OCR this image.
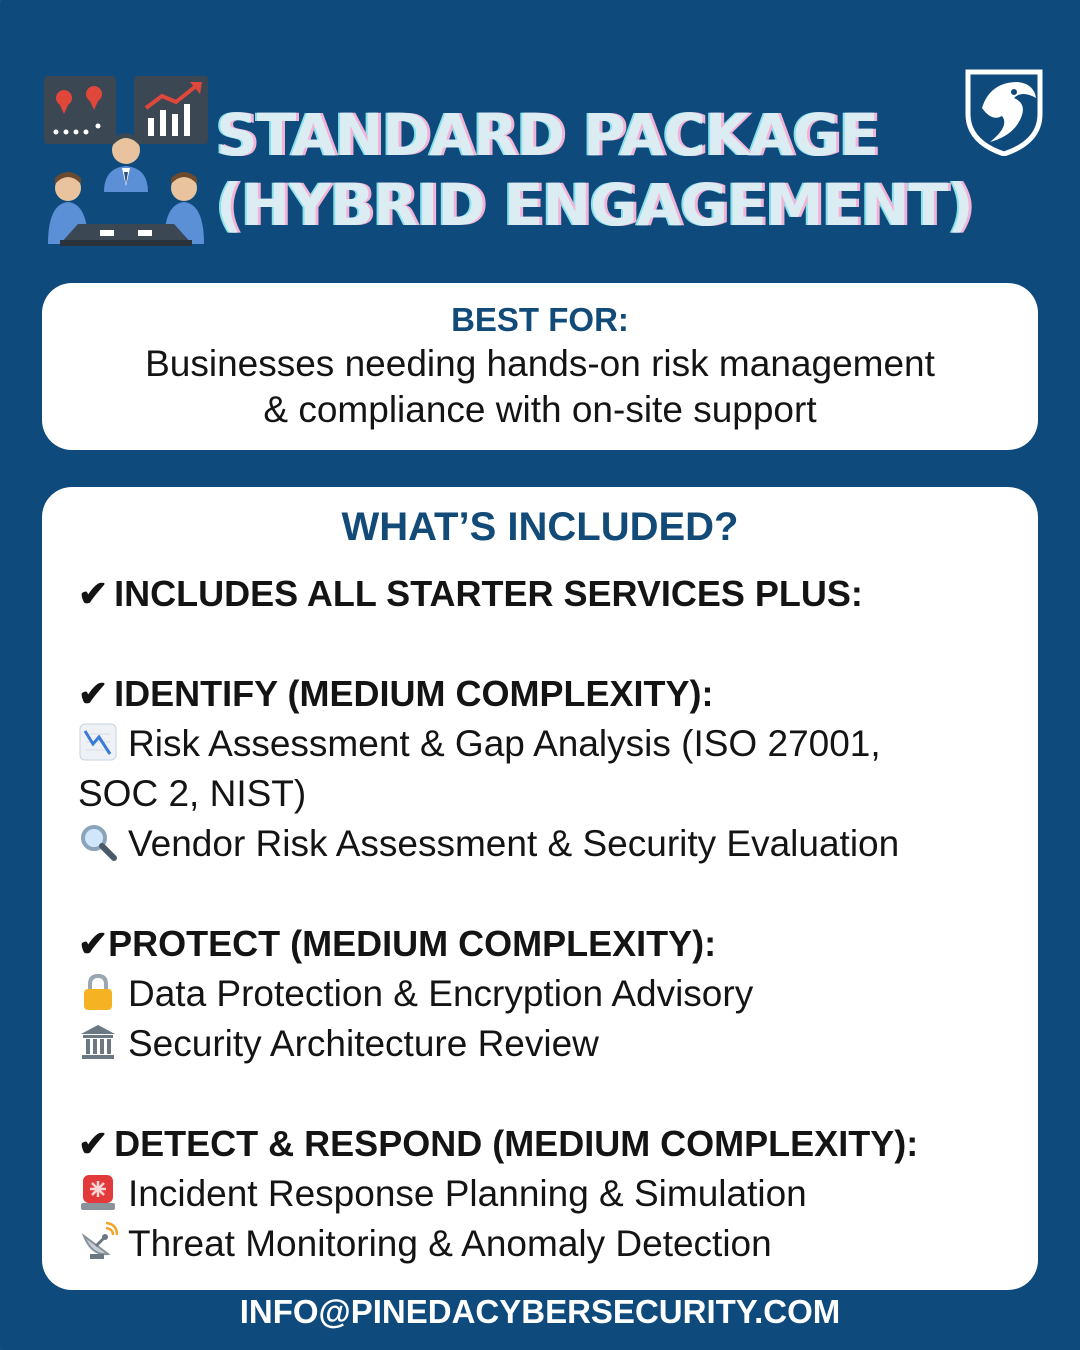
STANDARD PACKAGE
(HYBRID ENGAGEMENT)
BEST FOR:
Businesses needing hands-on risk management
& compliance with on-site support
WHAT’S INCLUDED?
✔ INCLUDES ALL STARTER SERVICES PLUS:
✔ IDENTIFY (MEDIUM COMPLEXITY):
Risk Assessment & Gap Analysis (ISO 27001,
SOC 2, NIST)
Vendor Risk Assessment & Security Evaluation
✔PROTECT (MEDIUM COMPLEXITY):
Data Protection & Encryption Advisory
Security Architecture Review
✔ DETECT & RESPOND (MEDIUM COMPLEXITY):
Incident Response Planning & Simulation
Threat Monitoring & Anomaly Detection
INFO@PINEDACYBERSECURITY.COM
